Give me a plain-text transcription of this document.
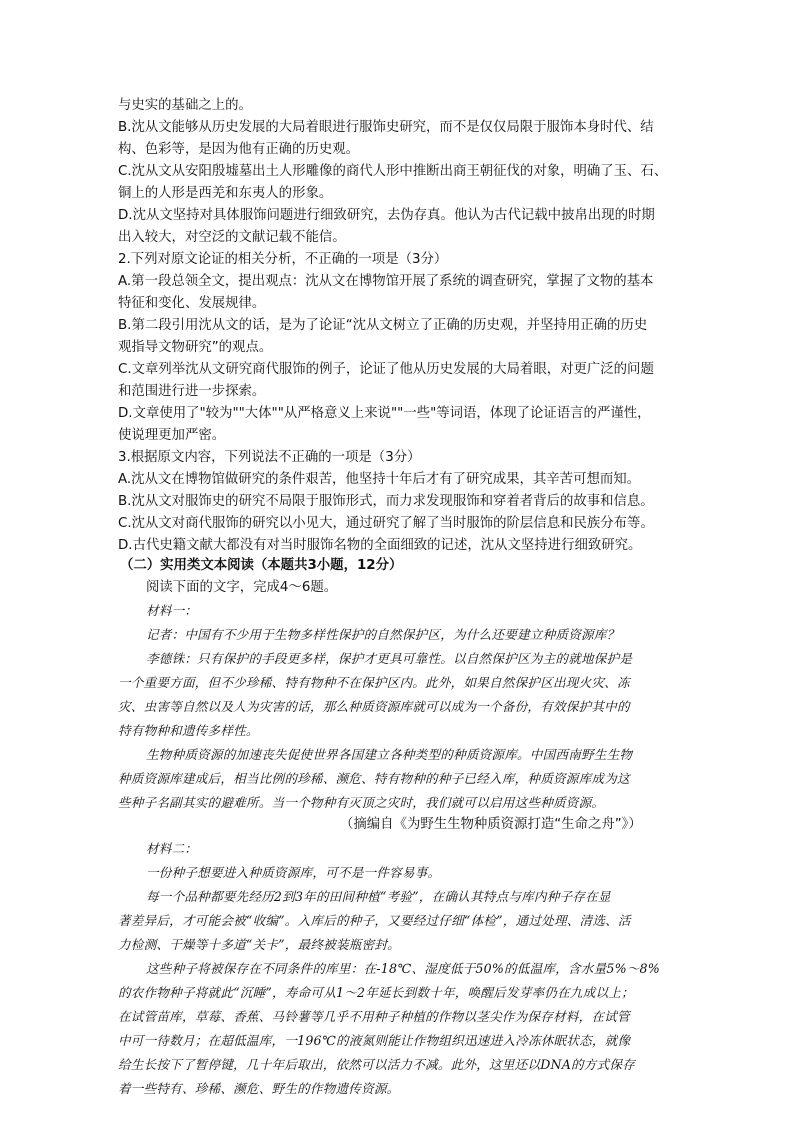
与史实的基础之上的。
B.沈从文能够从历史发展的大局着眼进行服饰史研究，而不是仅仅局限于服饰本身时代、结
构、色彩等，是因为他有正确的历史观。
C.沈从文从安阳殷墟墓出土人形雕像的商代人形中推断出商王朝征伐的对象，明确了玉、石、
铜上的人形是西羌和东夷人的形象。
D.沈从文坚持对具体服饰问题进行细致研究，去伪存真。他认为古代记载中披帛出现的时期
出入较大，对空泛的文献记载不能信。
2.下列对原文论证的相关分析，不正确的一项是（3分）
A.第一段总领全文，提出观点：沈从文在博物馆开展了系统的调查研究，掌握了文物的基本
特征和变化、发展规律。
B.第二段引用沈从文的话，是为了论证“沈从文树立了正确的历史观，并坚持用正确的历史
观指导文物研究”的观点。
C.文章列举沈从文研究商代服饰的例子，论证了他从历史发展的大局着眼，对更广泛的问题
和范围进行进一步探索。
D.文章使用了"较为""大体""从严格意义上来说""一些"等词语，体现了论证语言的严谨性，
使说理更加严密。
3.根据原文内容，下列说法不正确的一项是（3分）
A.沈从文在博物馆做研究的条件艰苦，他坚持十年后才有了研究成果，其辛苦可想而知。
B.沈从文对服饰史的研究不局限于服饰形式，而力求发现服饰和穿着者背后的故事和信息。
C.沈从文对商代服饰的研究以小见大，通过研究了解了当时服饰的阶层信息和民族分布等。
D.古代史籍文献大都没有对当时服饰名物的全面细致的记述，沈从文坚持进行细致研究。
（二）实用类文本阅读（本题共3小题，12分）
阅读下面的文字，完成4～6题。
材料一：
记者：中国有不少用于生物多样性保护的自然保护区，为什么还要建立种质资源库？
李德铢：只有保护的手段更多样，保护才更具可靠性。以自然保护区为主的就地保护是
一个重要方面，但不少珍稀、特有物种不在保护区内。此外，如果自然保护区出现火灾、冻
灾、虫害等自然以及人为灾害的话，那么种质资源库就可以成为一个备份，有效保护其中的
特有物种和遗传多样性。
生物种质资源的加速丧失促使世界各国建立各种类型的种质资源库。中国西南野生生物
种质资源库建成后，相当比例的珍稀、濒危、特有物种的种子已经入库，种质资源库成为这
些种子名副其实的避难所。当一个物种有灭顶之灾时，我们就可以启用这些种质资源。
（摘编自《为野生生物种质资源打造“生命之舟”》）
材料二：
一份种子想要进入种质资源库，可不是一件容易事。
每一个品种都要先经历2到3年的田间种植“考验”，在确认其特点与库内种子存在显
著差异后，才可能会被“收编”。入库后的种子，又要经过仔细“体检”，通过处理、清选、活
力检测、干燥等十多道“关卡”，最终被装瓶密封。
这些种子将被保存在不同条件的库里：在-18℃、湿度低于50%的低温库，含水量5%～8%
的农作物种子将就此“沉睡”，寿命可从1～2年延长到数十年，唤醒后发芽率仍在九成以上；
在试管苗库，草莓、香蕉、马铃薯等几乎不用种子种植的作物以茎尖作为保存材料，在试管
中可一待数月；在超低温库，一196℃的液氮则能让作物组织迅速进入冷冻休眠状态，就像
给生长按下了暂停键，几十年后取出，依然可以活力不减。此外，这里还以DNA的方式保存
着一些特有、珍稀、濒危、野生的作物遗传资源。
